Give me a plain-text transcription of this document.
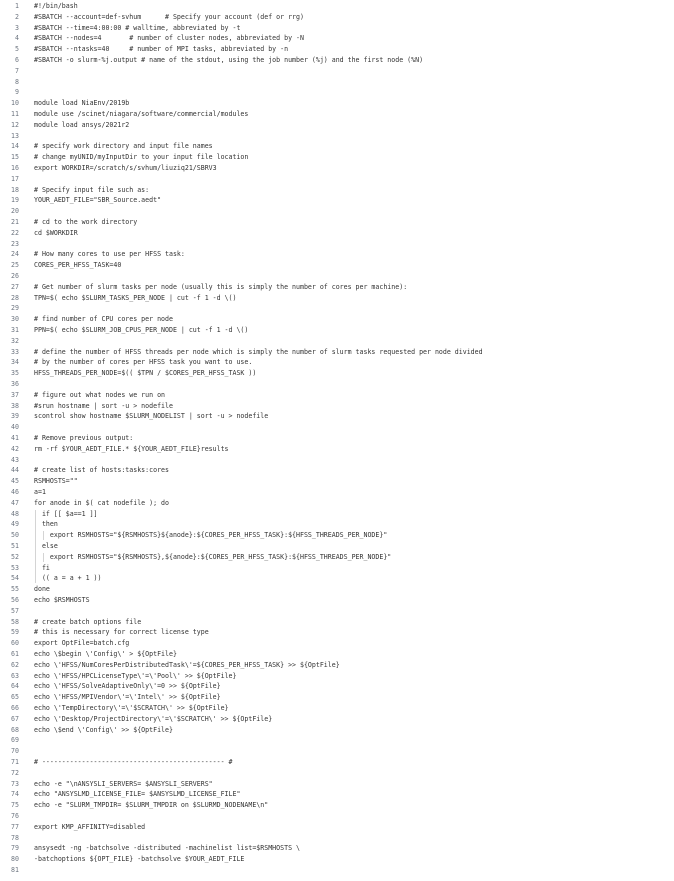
1 #!/bin/bash
2 #SBATCH --account=def-svhum      # Specify your account (def or rrg)
3 #SBATCH --time=4:00:00 # walltime, abbreviated by -t
4 #SBATCH --nodes=4       # number of cluster nodes, abbreviated by -N
5 #SBATCH --ntasks=40     # number of MPI tasks, abbreviated by -n
6 #SBATCH -o slurm-%j.output # name of the stdout, using the job number (%j) and the first node (%N)
7
8
9
10 module load NiaEnv/2019b
11 module use /scinet/niagara/software/commercial/modules
12 module load ansys/2021r2
13
14 # specify work directory and input file names
15 # change myUNID/myInputDir to your input file location
16 export WORKDIR=/scratch/s/svhum/liuziq21/SBRV3
17
18 # Specify input file such as:
19 YOUR_AEDT_FILE="SBR_Source.aedt"
20
21 # cd to the work directory
22 cd $WORKDIR
23
24 # How many cores to use per HFSS task:
25 CORES_PER_HFSS_TASK=40
26
27 # Get number of slurm tasks per node (usually this is simply the number of cores per machine):
28 TPN=$( echo $SLURM_TASKS_PER_NODE | cut -f 1 -d \()
29
30 # find number of CPU cores per node
31 PPN=$( echo $SLURM_JOB_CPUS_PER_NODE | cut -f 1 -d \()
32
33 # define the number of HFSS threads per node which is simply the number of slurm tasks requested per node divided
34 # by the number of cores per HFSS task you want to use.
35 HFSS_THREADS_PER_NODE=$(( $TPN / $CORES_PER_HFSS_TASK ))
36
37 # figure out what nodes we run on
38 #srun hostname | sort -u > nodefile
39 scontrol show hostname $SLURM_NODELIST | sort -u > nodefile
40
41 # Remove previous output:
42 rm -rf $YOUR_AEDT_FILE.* ${YOUR_AEDT_FILE}results
43
44 # create list of hosts:tasks:cores
45 RSMHOSTS=""
46 a=1
47 for anode in $( cat nodefile ); do
48 if [[ $a==1 ]]
49 then
50 export RSMHOSTS="${RSMHOSTS}${anode}:${CORES_PER_HFSS_TASK}:${HFSS_THREADS_PER_NODE}"
51 else
52 export RSMHOSTS="${RSMHOSTS},${anode}:${CORES_PER_HFSS_TASK}:${HFSS_THREADS_PER_NODE}"
53 fi
54 (( a = a + 1 ))
55 done
56 echo $RSMHOSTS
57
58 # create batch options file
59 # this is necessary for correct license type
60 export OptFile=batch.cfg
61 echo \$begin \'Config\' > ${OptFile}
62 echo \'HFSS/NumCoresPerDistributedTask\'=${CORES_PER_HFSS_TASK} >> ${OptFile}
63 echo \'HFSS/HPCLicenseType\'=\'Pool\' >> ${OptFile}
64 echo \'HFSS/SolveAdaptiveOnly\'=0 >> ${OptFile}
65 echo \'HFSS/MPIVendor\'=\'Intel\' >> ${OptFile}
66 echo \'TempDirectory\'=\'$SCRATCH\' >> ${OptFile}
67 echo \'Desktop/ProjectDirectory\'=\'$SCRATCH\' >> ${OptFile}
68 echo \$end \'Config\' >> ${OptFile}
69
70
71 # ---------------------------------------------- #
72
73 echo -e "\nANSYSLI_SERVERS= $ANSYSLI_SERVERS"
74 echo "ANSYSLMD_LICENSE_FILE= $ANSYSLMD_LICENSE_FILE"
75 echo -e "SLURM_TMPDIR= $SLURM_TMPDIR on $SLURMD_NODENAME\n"
76
77 export KMP_AFFINITY=disabled
78
79 ansysedt -ng -batchsolve -distributed -machinelist list=$RSMHOSTS \
80 -batchoptions ${OPT_FILE} -batchsolve $YOUR_AEDT_FILE
81
